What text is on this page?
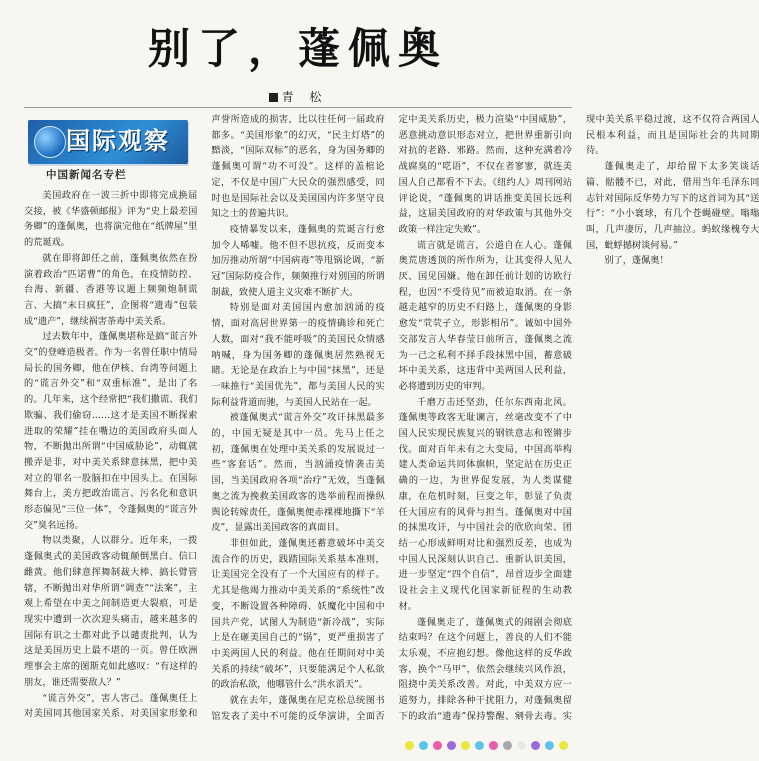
别了，蓬佩奥
青 松
国际观察
中国新闻名专栏

美国政府在一波三折中即将完成换届交接，被《华盛顿邮报》评为“史上最差国务卿”的蓬佩奥，也将演完他在“纸牌屋”里的荒诞戏。

就在即将卸任之前，蓬佩奥依然在扮演着政治“匹诺曹”的角色，在疫情防控、台海、新疆、香港等议题上频频炮制谎言、大搞“末日疯狂”，企图将“遗毒”包装成“遗产”，继续祸害荼毒中美关系。

过去数年中，蓬佩奥堪称是搞“谎言外交”的登峰造极者。作为一名曾任职中情局局长的国务卿，他在伊核、台湾等问题上的“谎言外交”和“双重标准”，是出了名的。几年来，这个经常把“我们撒谎、我们欺骗、我们偷窃……这才是美国不断探索进取的荣耀”挂在嘴边的美国政府头面人物，不断抛出所谓“中国威胁论”，动辄就搬弄是非，对中美关系肆意抹黑，把中美对立的罪名一股脑扣在中国头上。在国际舞台上，美方把政治谎言、污名化和意识形态偏见“三位一体”，令蓬佩奥的“谎言外交”臭名远扬。

物以类聚，人以群分。近年来，一拨蓬佩奥式的美国政客动辄颠倒黑白、信口雌黄。他们肆意挥舞制裁大棒、搞长臂管辖，不断抛出对华所谓“调查”“法案”，主观上希望在中美之间制造更大裂痕，可是现实中遭到一次次迎头痛击，越来越多的国际有识之士都对此予以谴责批判，认为这是美国历史上最不堪的一页。曾任欧洲理事会主席的图斯克如此感叹：“有这样的朋友，谁还需要敌人？”

“谎言外交”，害人害己。蓬佩奥任上对美国同其他国家关系、对美国家形象和声誉所造成的损害，比以往任何一届政府都多。“美国形象”的幻灭，“民主灯塔”的黯淡，“国际双标”的恶名，身为国务卿的蓬佩奥可谓“功不可没”。这样的盖棺论定，不仅是中国广大民众的强烈感受，同时也是国际社会以及美国国内许多坚守良知之士的普遍共识。

疫情暴发以来，蓬佩奥的荒诞言行愈加令人唏嘘。他不但不思抗疫，反而变本加厉推动所谓“中国病毒”等甩锅论调，“新冠”国际防疫合作，频频推行对别国的所谓制裁，致使人道主义灾难不断扩大。

特别是面对美国国内愈加汹涌的疫情，面对高居世界第一的疫情确诊和死亡人数，面对“我不能呼吸”的美国民众情感呐喊，身为国务卿的蓬佩奥居然熟视无睹。无论是在政治上与中国“抹黑”，还是一味推行“美国优先”，都与美国人民的实际利益背道而驰，与美国人民站在一起。

被蓬佩奥式“谎言外交”攻讦抹黑最多的，中国无疑是其中一员。先马上任之初，蓬佩奥在处理中美关系的发展说过一些“客套话”。然而，当汹涌疫情袭击美国，当美国政府各项“治疗”无效，当蓬佩奥之流为挽救美国政客的选举前程而操纵舆论转嫁责任，蓬佩奥便赤裸裸地撕下“羊皮”，显露出美国政客的真面目。

非但如此，蓬佩奥还蓄意破坏中美交流合作的历史，践踏国际关系基本准则，让美国完全没有了一个大国应有的样子。尤其是他竭力推动中美关系的“系统性”改变，不断设置各种障碍、妖魔化中国和中国共产党，试图人为制造“新冷战”，实际上是在砸美国自己的“锅”，更严重损害了中美两国人民的利益。他在任期间对中美关系的持续“破坏”，只要能满足个人私欲的政治私欲，他哪管什么“洪水滔天”。

就在去年，蓬佩奥在尼克松总统图书馆发表了美中不可能的反华演讲，全面否定中美关系历史，极力渲染“中国威胁”，恶意挑动意识形态对立，把世界重新引向对抗的老路、邪路。然而，这种充满着冷战腐臭的“呓语”，不仅在者寥寥，就连美国人自己都看不下去。《纽约人》周刊网站评论说，“蓬佩奥的讲话推变美国长远利益，这届美国政府的对华政策与其他外交政策一样注定失败”。

谎言就是谎言，公道自在人心。蓬佩奥荒唐透顶的所作所为，让其变得人见人厌、国见国嫌。他在卸任前计划的访欧行程，也因“不受待见”而被迫取消。在一条越走越窄的历史不归路上，蓬佩奥的身影愈发“茕茕孑立，形影相吊”。诚如中国外交部发言人华春莹日前所言，蓬佩奥之流为一己之私利不择手段抹黑中国，蓄意破坏中美关系，这违背中美两国人民利益，必将遭到历史的审判。

千磨万击还坚劲，任尔东西南北风。蓬佩奥等政客无耻谰言，丝毫改变不了中国人民实现民族复兴的钢铁意志和铿锵步伐。面对百年未有之大变局，中国高举构建人类命运共同体旗帜，坚定站在历史正确的一边，为世界促发展，为人类谋健康，在危机时刻，巨变之年，彰显了负责任大国应有的风骨与担当。蓬佩奥对中国的抹黑攻讦，与中国社会的欣欣向荣、团结一心形成鲜明对比和强烈反差，也成为中国人民深刻认识自己、重新认识美国，进一步坚定“四个自信”，昂首迈步全面建设社会主义现代化国家新征程的生动教材。

蓬佩奥走了，蓬佩奥式的闹剧会彻底结束吗？在这个问题上，善良的人们不能太乐观，不应抱幻想。像他这样的反华政客，换个“马甲”，依然会继续兴风作浪，阻挠中美关系改善。对此，中美双方应一道努力，排除各种干扰阻力，对蓬佩奥留下的政治“遗毒”保持警醒、剜骨去毒。实现中美关系平稳过渡，这不仅符合两国人民根本利益，而且是国际社会的共同期待。

蓬佩奥走了，却给留下太多笑谈话篇、骷髅不已，对此，借用当年毛泽东同志针对国际反华势力写下的这首词为其“送行”：“小小寰球，有几个苍蝇碰壁。嗡嗡叫，几声凄厉，几声抽泣。蚂蚁缘槐夸大国，蚍蜉撼树谈何易。”

别了，蓬佩奥！
